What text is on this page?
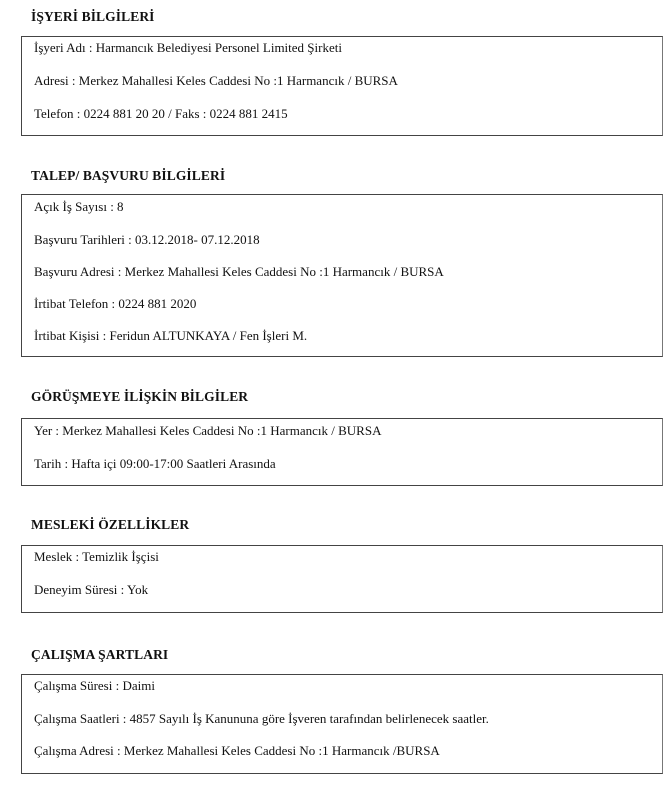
İŞYERİ BİLGİLERİ
İşyeri Adı : Harmancık Belediyesi Personel Limited Şirketi
Adresi : Merkez Mahallesi Keles Caddesi No :1 Harmancık / BURSA
Telefon : 0224 881 20 20 / Faks : 0224 881 2415
TALEP/ BAŞVURU BİLGİLERİ
Açık İş Sayısı : 8
Başvuru Tarihleri : 03.12.2018- 07.12.2018
Başvuru Adresi : Merkez Mahallesi Keles Caddesi No :1 Harmancık / BURSA
İrtibat Telefon : 0224 881 2020
İrtibat Kişisi : Feridun ALTUNKAYA / Fen İşleri M.
GÖRÜŞMEYE İLİŞKİN BİLGİLER
Yer : Merkez Mahallesi Keles Caddesi No :1 Harmancık / BURSA
Tarih : Hafta içi 09:00-17:00 Saatleri Arasında
MESLEKİ ÖZELLİKLER
Meslek : Temizlik İşçisi
Deneyim Süresi : Yok
ÇALIŞMA ŞARTLARI
Çalışma Süresi : Daimi
Çalışma Saatleri : 4857 Sayılı İş Kanununa göre İşveren tarafından belirlenecek saatler.
Çalışma Adresi : Merkez Mahallesi Keles Caddesi No :1 Harmancık /BURSA
